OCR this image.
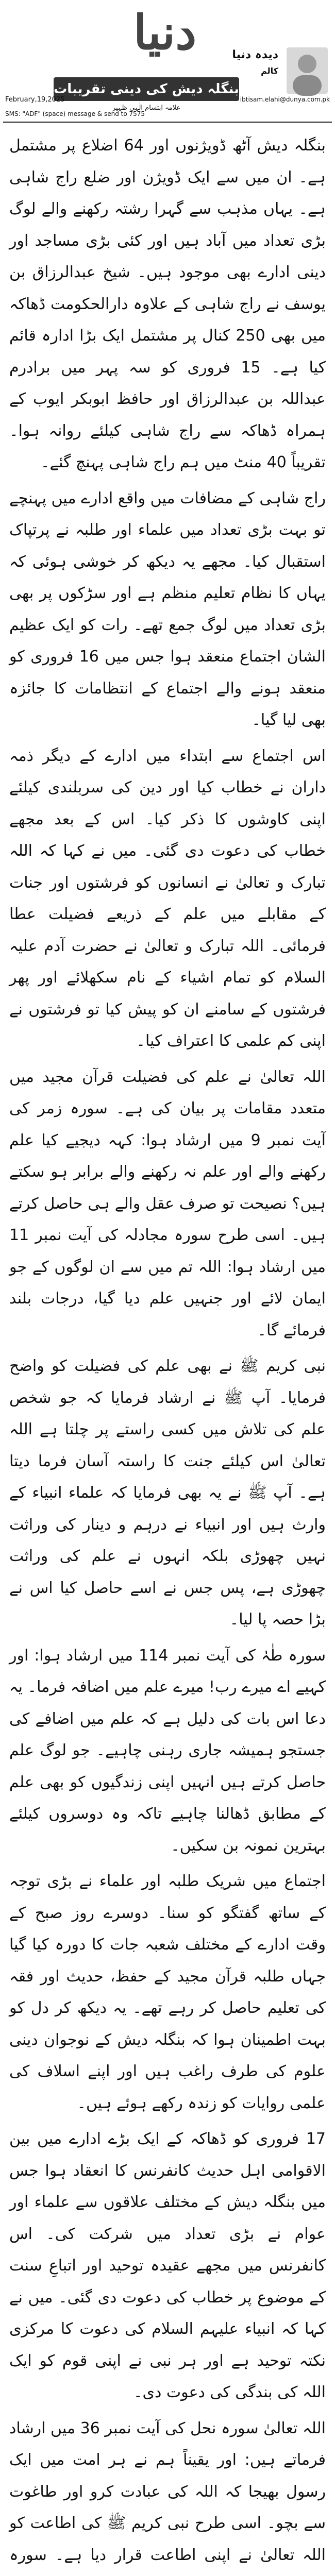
دنیا	دیدہ دنیا
کالم
بنگلہ دیش کی دینی تقریبات
علامہ ابتسام الٰہی ظہیر
February,19,2025
SMS: "ADF" (space) message & send to 7575
ibtisam.elahi@dunya.com.pk

بنگلہ دیش آٹھ ڈویژنوں اور 64 اضلاع پر مشتمل ہے۔ ان میں سے ایک ڈویژن اور ضلع راج شاہی ہے۔ یہاں مذہب سے گہرا رشتہ رکھنے والے لوگ بڑی تعداد میں آباد ہیں اور کئی بڑی مساجد اور دینی ادارے بھی موجود ہیں۔ شیخ عبدالرزاق بن یوسف نے راج شاہی کے علاوہ دارالحکومت ڈھاکہ میں بھی 250 کنال پر مشتمل ایک بڑا ادارہ قائم کیا ہے۔ 15 فروری کو سہ پہر میں برادرم عبداللہ بن عبدالرزاق اور حافظ ابوبکر ایوب کے ہمراہ ڈھاکہ سے راج شاہی کیلئے روانہ ہوا۔ تقریباً 40 منٹ میں ہم راج شاہی پہنچ گئے۔

راج شاہی کے مضافات میں واقع ادارے میں پہنچے تو بہت بڑی تعداد میں علماء اور طلبہ نے پرتپاک استقبال کیا۔ مجھے یہ دیکھ کر خوشی ہوئی کہ یہاں کا نظام تعلیم منظم ہے اور سڑکوں پر بھی بڑی تعداد میں لوگ جمع تھے۔ رات کو ایک عظیم الشان اجتماع منعقد ہوا جس میں 16 فروری کو منعقد ہونے والے اجتماع کے انتظامات کا جائزہ بھی لیا گیا۔

اس اجتماع سے ابتداء میں ادارے کے دیگر ذمہ داران نے خطاب کیا اور دین کی سربلندی کیلئے اپنی کاوشوں کا ذکر کیا۔ اس کے بعد مجھے خطاب کی دعوت دی گئی۔ میں نے کہا کہ اللہ تبارک و تعالیٰ نے انسانوں کو فرشتوں اور جنات کے مقابلے میں علم کے ذریعے فضیلت عطا فرمائی۔ اللہ تبارک و تعالیٰ نے حضرت آدم علیہ السلام کو تمام اشیاء کے نام سکھلائے اور پھر فرشتوں کے سامنے ان کو پیش کیا تو فرشتوں نے اپنی کم علمی کا اعتراف کیا۔

اللہ تعالیٰ نے علم کی فضیلت قرآن مجید میں متعدد مقامات پر بیان کی ہے۔ سورہ زمر کی آیت نمبر 9 میں ارشاد ہوا: کہہ دیجیے کیا علم رکھنے والے اور علم نہ رکھنے والے برابر ہو سکتے ہیں؟ نصیحت تو صرف عقل والے ہی حاصل کرتے ہیں۔ اسی طرح سورہ مجادلہ کی آیت نمبر 11 میں ارشاد ہوا: اللہ تم میں سے ان لوگوں کے جو ایمان لائے اور جنہیں علم دیا گیا، درجات بلند فرمائے گا۔

نبی کریم ﷺ نے بھی علم کی فضیلت کو واضح فرمایا۔ آپ ﷺ نے ارشاد فرمایا کہ جو شخص علم کی تلاش میں کسی راستے پر چلتا ہے اللہ تعالیٰ اس کیلئے جنت کا راستہ آسان فرما دیتا ہے۔ آپ ﷺ نے یہ بھی فرمایا کہ علماء انبیاء کے وارث ہیں اور انبیاء نے درہم و دینار کی وراثت نہیں چھوڑی بلکہ انہوں نے علم کی وراثت چھوڑی ہے، پس جس نے اسے حاصل کیا اس نے بڑا حصہ پا لیا۔

سورہ طٰہٰ کی آیت نمبر 114 میں ارشاد ہوا: اور کہیے اے میرے رب! میرے علم میں اضافہ فرما۔ یہ دعا اس بات کی دلیل ہے کہ علم میں اضافے کی جستجو ہمیشہ جاری رہنی چاہیے۔ جو لوگ علم حاصل کرتے ہیں انہیں اپنی زندگیوں کو بھی علم کے مطابق ڈھالنا چاہیے تاکہ وہ دوسروں کیلئے بہترین نمونہ بن سکیں۔

اجتماع میں شریک طلبہ اور علماء نے بڑی توجہ کے ساتھ گفتگو کو سنا۔ دوسرے روز صبح کے وقت ادارے کے مختلف شعبہ جات کا دورہ کیا گیا جہاں طلبہ قرآن مجید کے حفظ، حدیث اور فقہ کی تعلیم حاصل کر رہے تھے۔ یہ دیکھ کر دل کو بہت اطمینان ہوا کہ بنگلہ دیش کے نوجوان دینی علوم کی طرف راغب ہیں اور اپنے اسلاف کی علمی روایات کو زندہ رکھے ہوئے ہیں۔

17 فروری کو ڈھاکہ کے ایک بڑے ادارے میں بین الاقوامی اہل حدیث کانفرنس کا انعقاد ہوا جس میں بنگلہ دیش کے مختلف علاقوں سے علماء اور عوام نے بڑی تعداد میں شرکت کی۔ اس کانفرنس میں مجھے عقیدہ توحید اور اتباعِ سنت کے موضوع پر خطاب کی دعوت دی گئی۔ میں نے کہا کہ انبیاء علیہم السلام کی دعوت کا مرکزی نکتہ توحید ہے اور ہر نبی نے اپنی قوم کو ایک اللہ کی بندگی کی دعوت دی۔

اللہ تعالیٰ سورہ نحل کی آیت نمبر 36 میں ارشاد فرماتے ہیں: اور یقیناً ہم نے ہر امت میں ایک رسول بھیجا کہ اللہ کی عبادت کرو اور طاغوت سے بچو۔ اسی طرح نبی کریم ﷺ کی اطاعت کو اللہ تعالیٰ نے اپنی اطاعت قرار دیا ہے۔ سورہ
